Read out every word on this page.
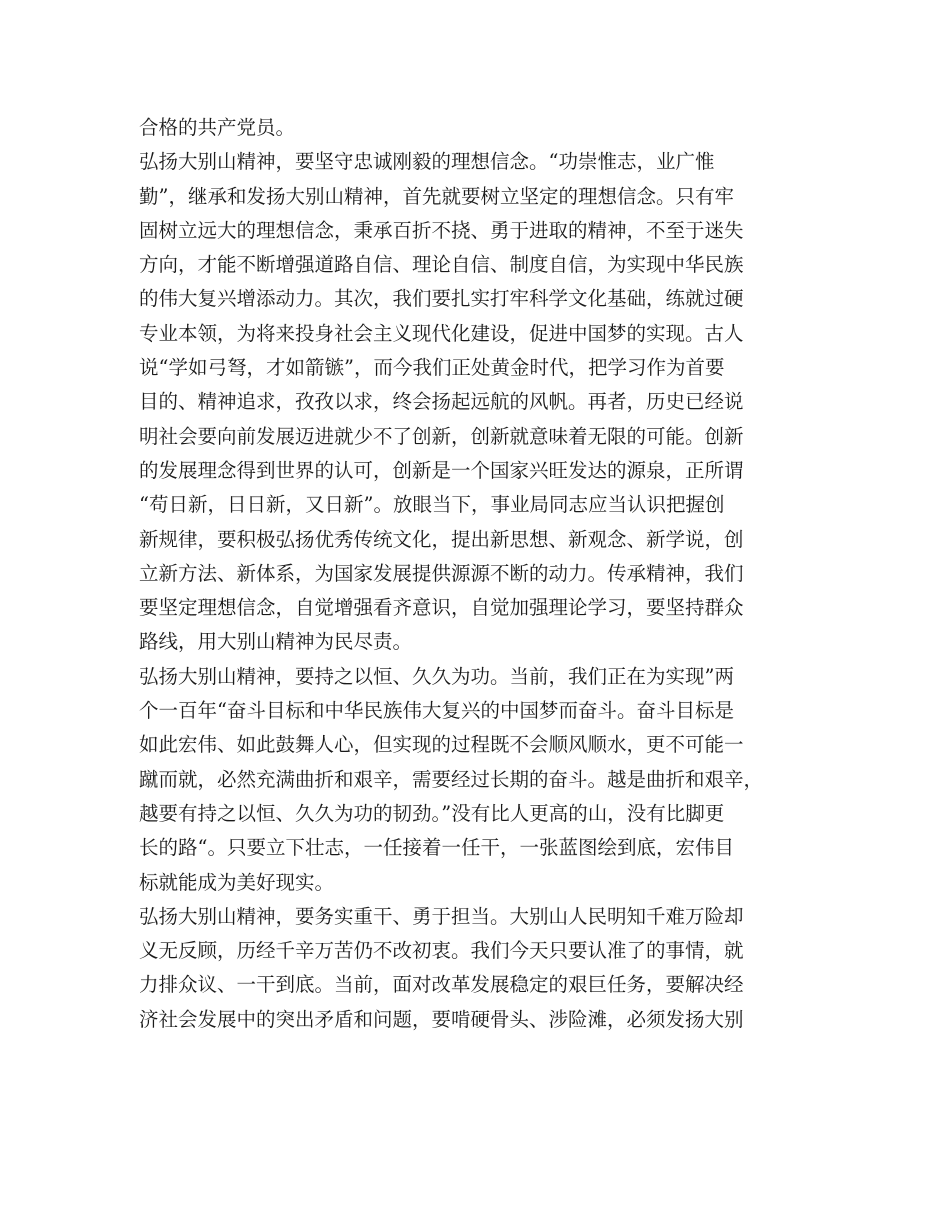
合格的共产党员。
弘扬大别山精神，要坚守忠诚刚毅的理想信念。“功崇惟志，业广惟
勤”，继承和发扬大别山精神，首先就要树立坚定的理想信念。只有牢
固树立远大的理想信念，秉承百折不挠、勇于进取的精神，不至于迷失
方向，才能不断增强道路自信、理论自信、制度自信，为实现中华民族
的伟大复兴增添动力。其次，我们要扎实打牢科学文化基础，练就过硬
专业本领，为将来投身社会主义现代化建设，促进中国梦的实现。古人
说“学如弓弩，才如箭镞”，而今我们正处黄金时代，把学习作为首要
目的、精神追求，孜孜以求，终会扬起远航的风帆。再者，历史已经说
明社会要向前发展迈进就少不了创新，创新就意味着无限的可能。创新
的发展理念得到世界的认可，创新是一个国家兴旺发达的源泉，正所谓
“苟日新，日日新，又日新”。放眼当下，事业局同志应当认识把握创
新规律，要积极弘扬优秀传统文化，提出新思想、新观念、新学说，创
立新方法、新体系，为国家发展提供源源不断的动力。传承精神，我们
要坚定理想信念，自觉增强看齐意识，自觉加强理论学习，要坚持群众
路线，用大别山精神为民尽责。
弘扬大别山精神，要持之以恒、久久为功。当前，我们正在为实现”两
个一百年“奋斗目标和中华民族伟大复兴的中国梦而奋斗。奋斗目标是
如此宏伟、如此鼓舞人心，但实现的过程既不会顺风顺水，更不可能一
蹴而就，必然充满曲折和艰辛，需要经过长期的奋斗。越是曲折和艰辛，
越要有持之以恒、久久为功的韧劲。”没有比人更高的山，没有比脚更
长的路“。只要立下壮志，一任接着一任干，一张蓝图绘到底，宏伟目
标就能成为美好现实。
弘扬大别山精神，要务实重干、勇于担当。大别山人民明知千难万险却
义无反顾，历经千辛万苦仍不改初衷。我们今天只要认准了的事情，就
力排众议、一干到底。当前，面对改革发展稳定的艰巨任务，要解决经
济社会发展中的突出矛盾和问题，要啃硬骨头、涉险滩，必须发扬大别
